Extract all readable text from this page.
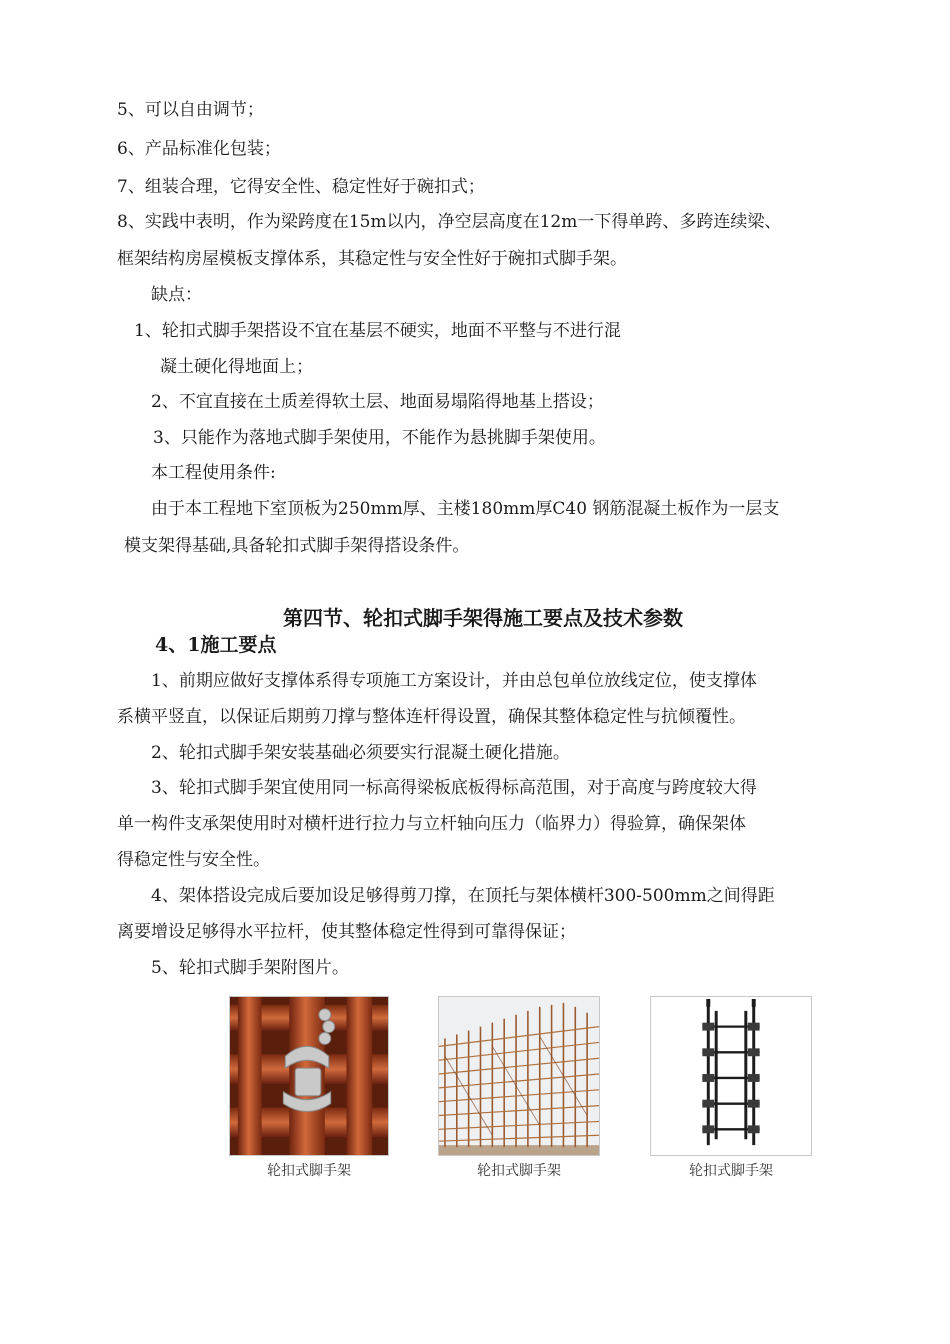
5、可以自由调节；
6、产品标准化包装；
7、组装合理，它得安全性、稳定性好于碗扣式；
8、实践中表明，作为梁跨度在15m以内，净空层高度在12m一下得单跨、多跨连续梁、
框架结构房屋模板支撑体系，其稳定性与安全性好于碗扣式脚手架。
缺点：
1、轮扣式脚手架搭设不宜在基层不硬实，地面不平整与不进行混
凝土硬化得地面上；
2、不宜直接在土质差得软土层、地面易塌陷得地基上搭设；
3、只能作为落地式脚手架使用，不能作为悬挑脚手架使用。
本工程使用条件:
由于本工程地下室顶板为250mm厚、主楼180mm厚C40 钢筋混凝土板作为一层支
模支架得基础,具备轮扣式脚手架得搭设条件。
第四节、轮扣式脚手架得施工要点及技术参数
4、1施工要点
1、前期应做好支撑体系得专项施工方案设计，并由总包单位放线定位，使支撑体
系横平竖直，以保证后期剪刀撑与整体连杆得设置，确保其整体稳定性与抗倾覆性。
2、轮扣式脚手架安装基础必须要实行混凝土硬化措施。
3、轮扣式脚手架宜使用同一标高得梁板底板得标高范围，对于高度与跨度较大得
单一构件支承架使用时对横杆进行拉力与立杆轴向压力（临界力）得验算，确保架体
得稳定性与安全性。
4、架体搭设完成后要加设足够得剪刀撑，在顶托与架体横杆300-500mm之间得距
离要增设足够得水平拉杆，使其整体稳定性得到可靠得保证；
5、轮扣式脚手架附图片。
轮扣式脚手架	轮扣式脚手架	轮扣式脚手架
